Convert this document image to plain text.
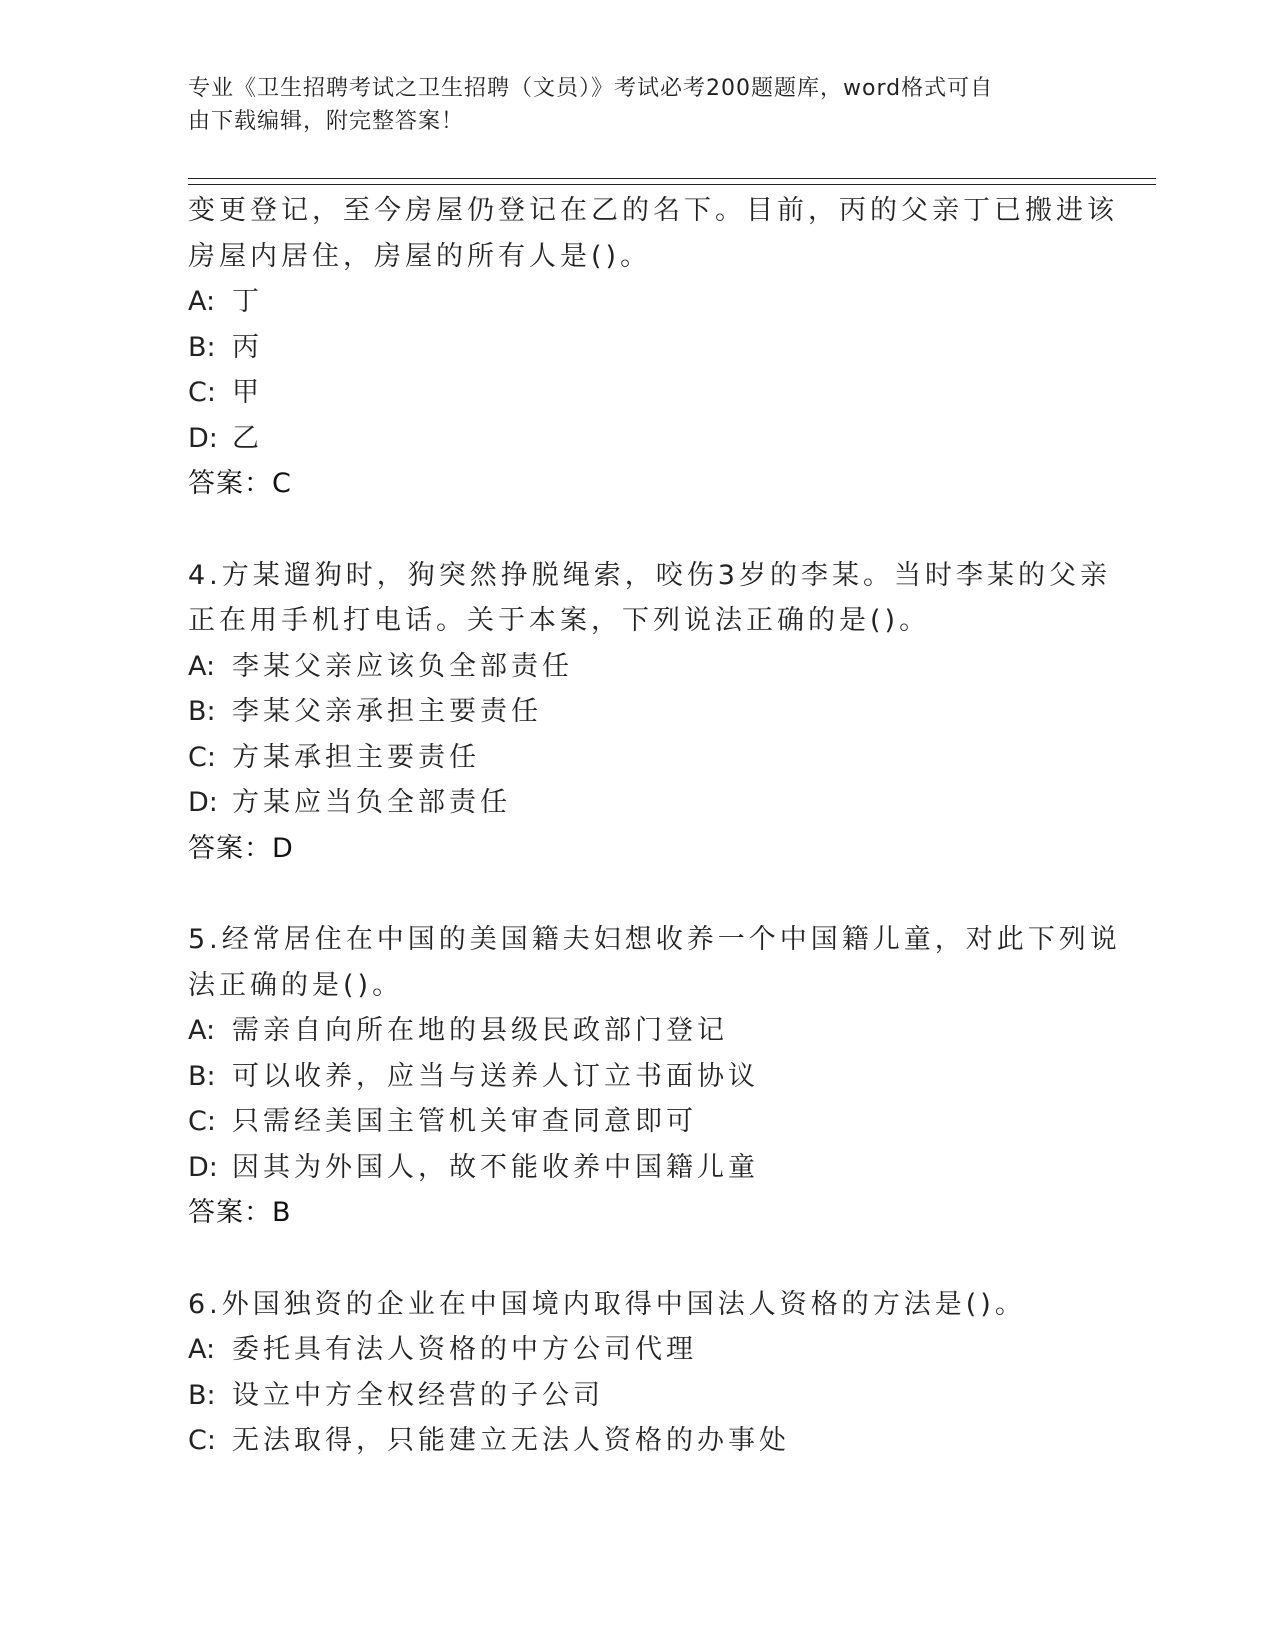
专业《卫生招聘考试之卫生招聘（文员）》考试必考200题题库，word格式可自
由下载编辑，附完整答案！
变更登记，至今房屋仍登记在乙的名下。目前，丙的父亲丁已搬进该
房屋内居住，房屋的所有人是()。
A: 丁
B: 丙
C: 甲
D: 乙
答案：C
4.方某遛狗时，狗突然挣脱绳索，咬伤3岁的李某。当时李某的父亲
正在用手机打电话。关于本案，下列说法正确的是()。
A: 李某父亲应该负全部责任
B: 李某父亲承担主要责任
C: 方某承担主要责任
D: 方某应当负全部责任
答案：D
5.经常居住在中国的美国籍夫妇想收养一个中国籍儿童，对此下列说
法正确的是()。
A: 需亲自向所在地的县级民政部门登记
B: 可以收养，应当与送养人订立书面协议
C: 只需经美国主管机关审查同意即可
D: 因其为外国人，故不能收养中国籍儿童
答案：B
6.外国独资的企业在中国境内取得中国法人资格的方法是()。
A: 委托具有法人资格的中方公司代理
B: 设立中方全权经营的子公司
C: 无法取得，只能建立无法人资格的办事处
